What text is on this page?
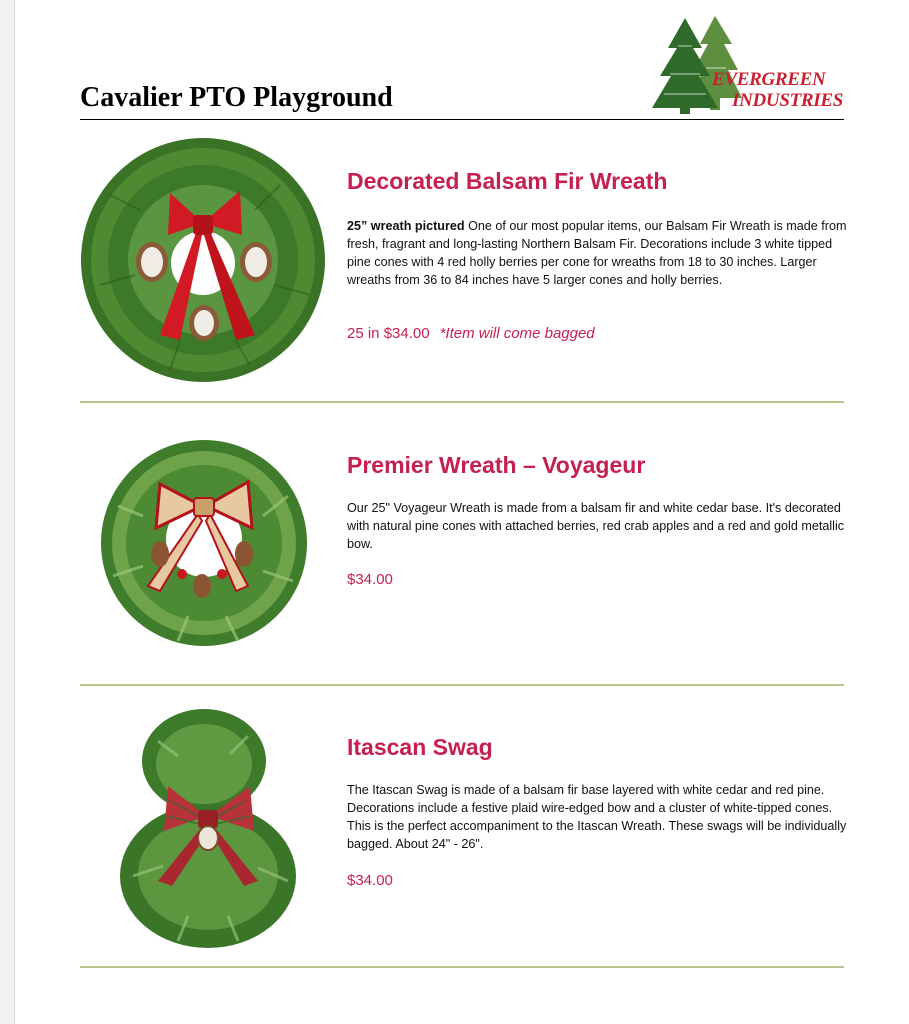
Cavalier PTO Playground
EVERGREEN
INDUSTRIES
Decorated Balsam Fir Wreath

25” wreath pictured One of our most popular items, our Balsam Fir Wreath is made from fresh, fragrant and long-lasting Northern Balsam Fir. Decorations include 3 white tipped pine cones with 4 red holly berries per cone for wreaths from 18 to 30 inches. Larger wreaths from 36 to 84 inches have 5 larger cones and holly berries.

25 in $34.00 *Item will come bagged

Premier Wreath – Voyageur

Our 25" Voyageur Wreath is made from a balsam fir and white cedar base. It's decorated with natural pine cones with attached berries, red crab apples and a red and gold metallic bow.

$34.00

Itascan Swag

The Itascan Swag is made of a balsam fir base layered with white cedar and red pine. Decorations include a festive plaid wire-edged bow and a cluster of white-tipped cones. This is the perfect accompaniment to the Itascan Wreath. These swags will be individually bagged. About 24" - 26".

$34.00
